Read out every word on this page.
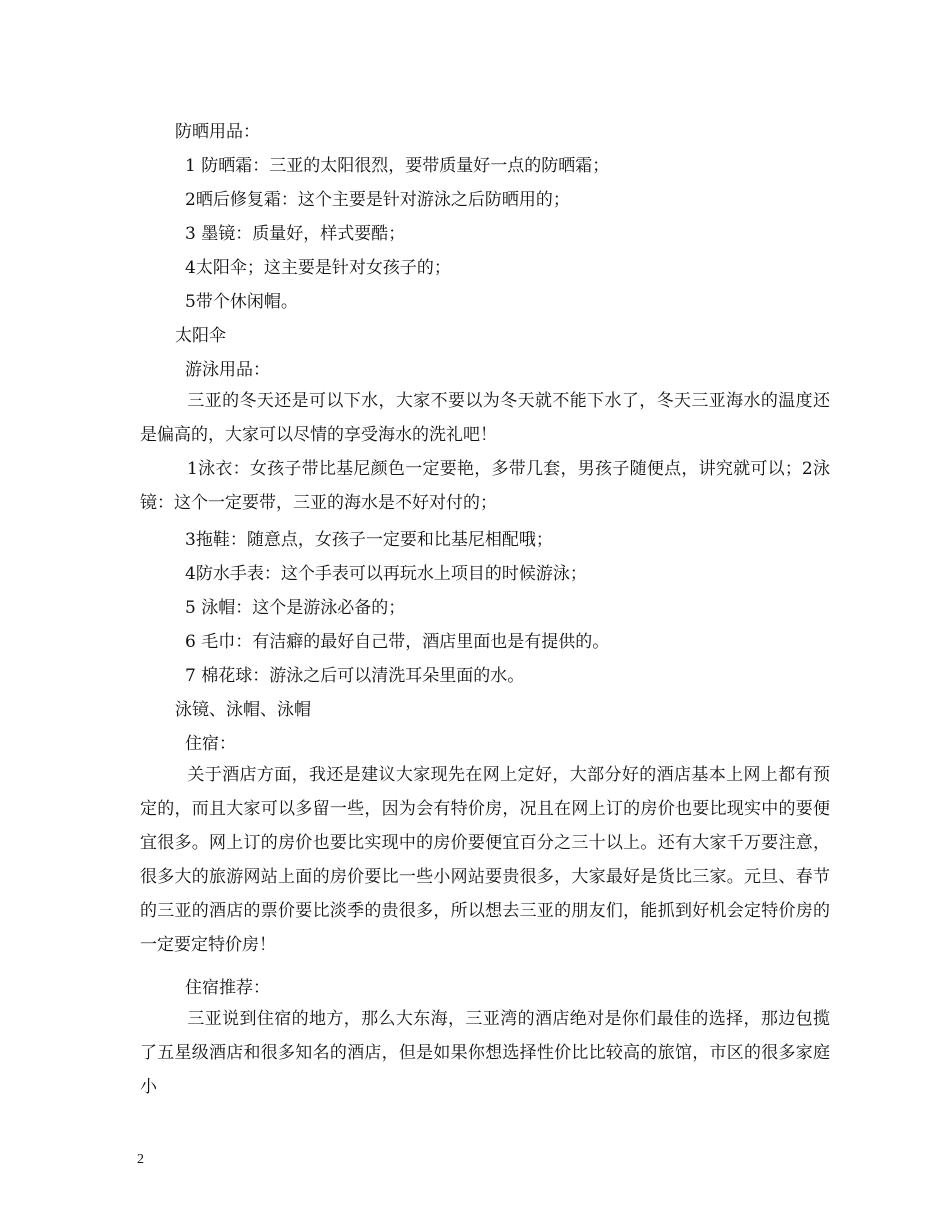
防晒用品：
1 防晒霜：三亚的太阳很烈，要带质量好一点的防晒霜；
2晒后修复霜：这个主要是针对游泳之后防晒用的；
3 墨镜：质量好，样式要酷；
4太阳伞；这主要是针对女孩子的；
5带个休闲帽。
太阳伞
游泳用品：
三亚的冬天还是可以下水，大家不要以为冬天就不能下水了，冬天三亚海水的温度还是偏高的，大家可以尽情的享受海水的洗礼吧！
1泳衣：女孩子带比基尼颜色一定要艳，多带几套，男孩子随便点，讲究就可以；2泳镜：这个一定要带，三亚的海水是不好对付的；
3拖鞋：随意点，女孩子一定要和比基尼相配哦；
4防水手表：这个手表可以再玩水上项目的时候游泳；
5 泳帽：这个是游泳必备的；
6 毛巾：有洁癖的最好自己带，酒店里面也是有提供的。
7 棉花球：游泳之后可以清洗耳朵里面的水。
泳镜、泳帽、泳帽
住宿：
关于酒店方面，我还是建议大家现先在网上定好，大部分好的酒店基本上网上都有预定的，而且大家可以多留一些，因为会有特价房，况且在网上订的房价也要比现实中的要便宜很多。网上订的房价也要比实现中的房价要便宜百分之三十以上。还有大家千万要注意，很多大的旅游网站上面的房价要比一些小网站要贵很多，大家最好是货比三家。元旦、春节的三亚的酒店的票价要比淡季的贵很多，所以想去三亚的朋友们，能抓到好机会定特价房的一定要定特价房！
住宿推荐：
三亚说到住宿的地方，那么大东海，三亚湾的酒店绝对是你们最佳的选择，那边包揽了五星级酒店和很多知名的酒店，但是如果你想选择性价比比较高的旅馆，市区的很多家庭小
2
